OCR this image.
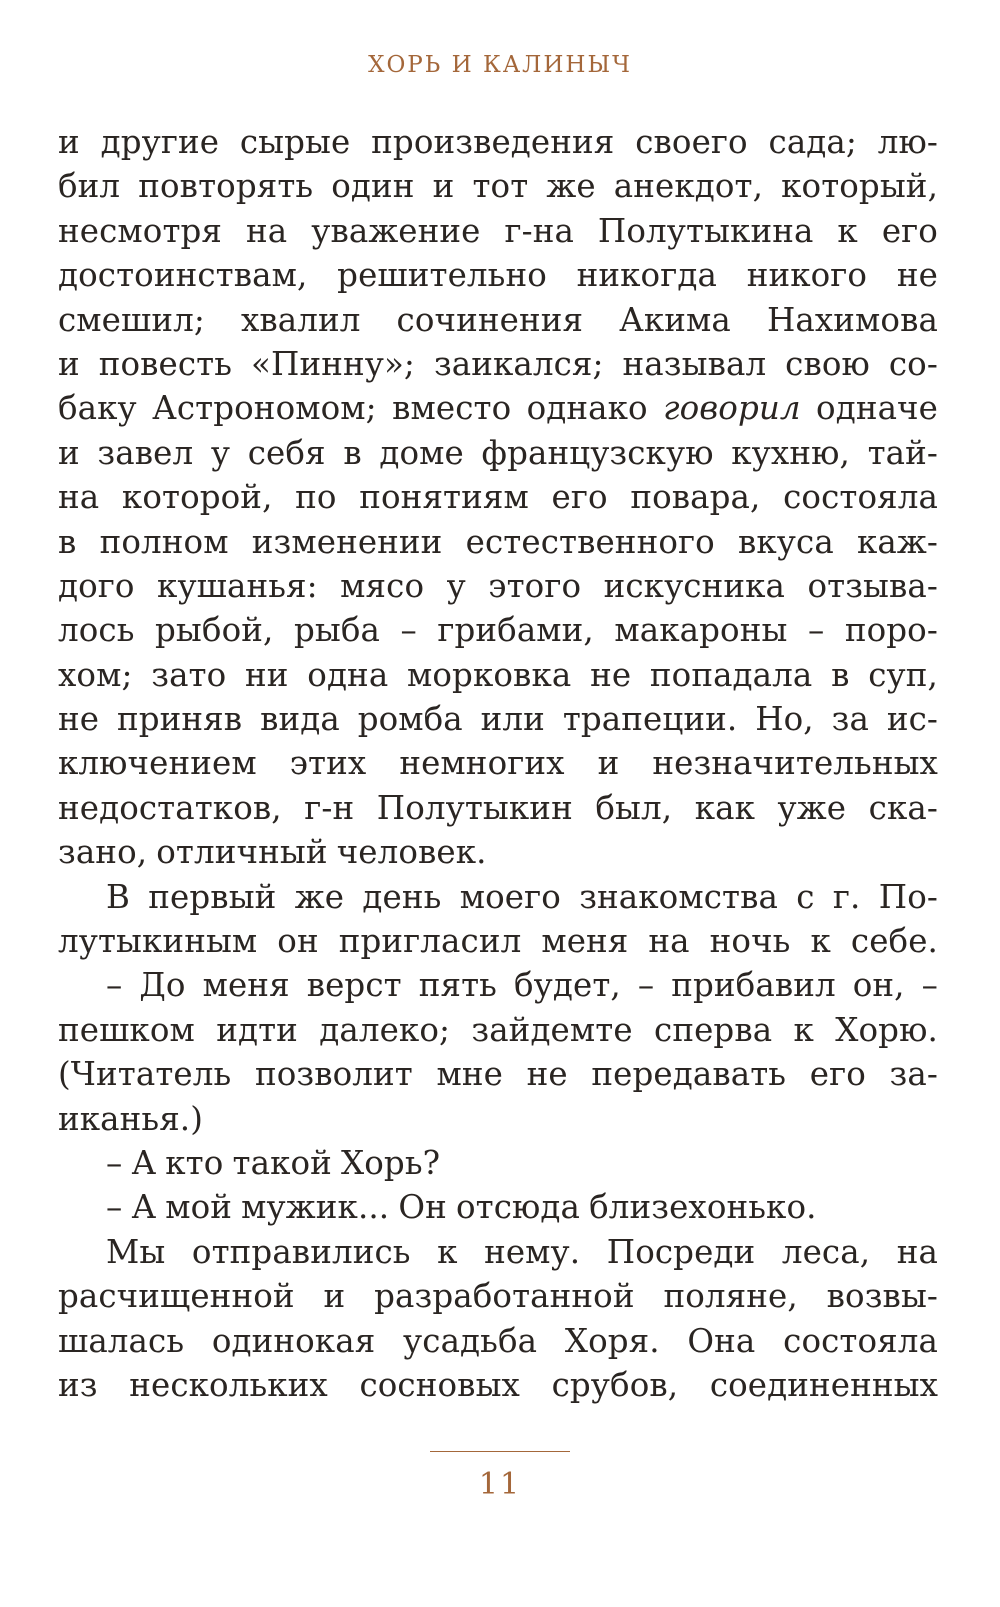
ХОРЬ И КАЛИНЫЧ
и другие сырые произведения своего сада; лю-
бил повторять один и тот же анекдот, который,
несмотря на уважение г-на Полутыкина к его
достоинствам, решительно никогда никого не
смешил; хвалил сочинения Акима Нахимова
и повесть «Пинну»; заикался; называл свою со-
баку Астрономом; вместо однако говорил одначе
и завел у себя в доме французскую кухню, тай-
на которой, по понятиям его повара, состояла
в полном изменении естественного вкуса каж-
дого кушанья: мясо у этого искусника отзыва-
лось рыбой, рыба – грибами, макароны – поро-
хом; зато ни одна морковка не попадала в суп,
не приняв вида ромба или трапеции. Но, за ис-
ключением этих немногих и незначительных
недостатков, г-н Полутыкин был, как уже ска-
зано, отличный человек.
В первый же день моего знакомства с г. По-
лутыкиным он пригласил меня на ночь к себе.
– До меня верст пять будет, – прибавил он, –
пешком идти далеко; зайдемте сперва к Хорю.
(Читатель позволит мне не передавать его за-
иканья.)
– А кто такой Хорь?
– А мой мужик... Он отсюда близехонько.
Мы отправились к нему. Посреди леса, на
расчищенной и разработанной поляне, возвы-
шалась одинокая усадьба Хоря. Она состояла
из нескольких сосновых срубов, соединенных
11
